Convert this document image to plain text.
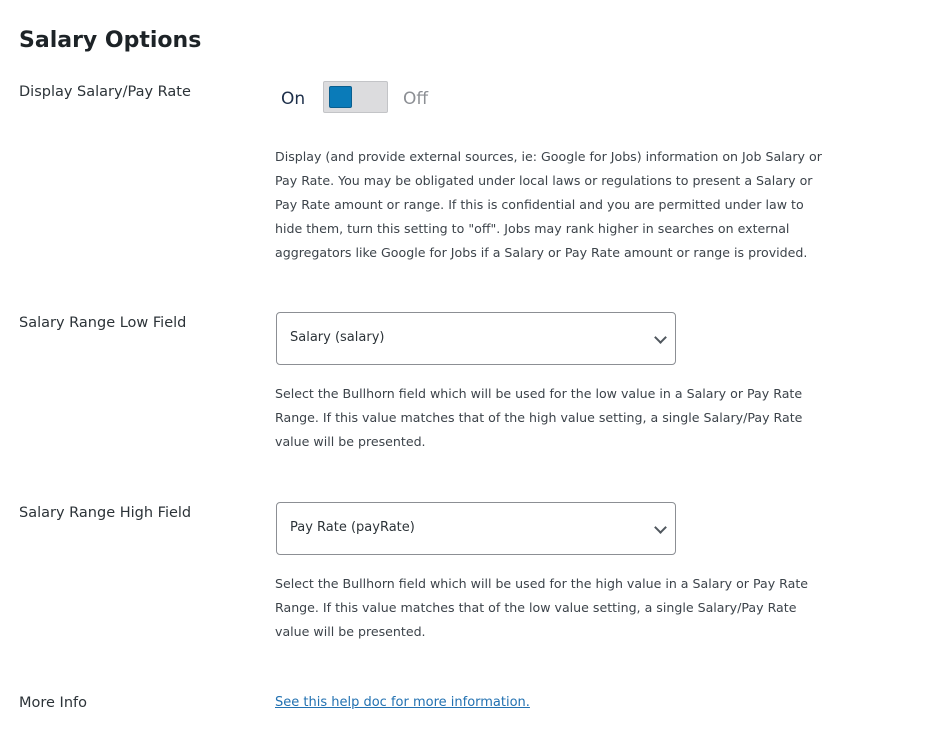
Salary Options
Display Salary/Pay Rate	On	Off
Display (and provide external sources, ie: Google for Jobs) information on Job Salary or Pay Rate. You may be obligated under local laws or regulations to present a Salary or Pay Rate amount or range. If this is confidential and you are permitted under law to hide them, turn this setting to "off". Jobs may rank higher in searches on external aggregators like Google for Jobs if a Salary or Pay Rate amount or range is provided.
Salary Range Low Field
Salary (salary)
Select the Bullhorn field which will be used for the low value in a Salary or Pay Rate Range. If this value matches that of the high value setting, a single Salary/Pay Rate value will be presented.
Salary Range High Field
Pay Rate (payRate)
Select the Bullhorn field which will be used for the high value in a Salary or Pay Rate Range. If this value matches that of the low value setting, a single Salary/Pay Rate value will be presented.
More Info	See this help doc for more information.
